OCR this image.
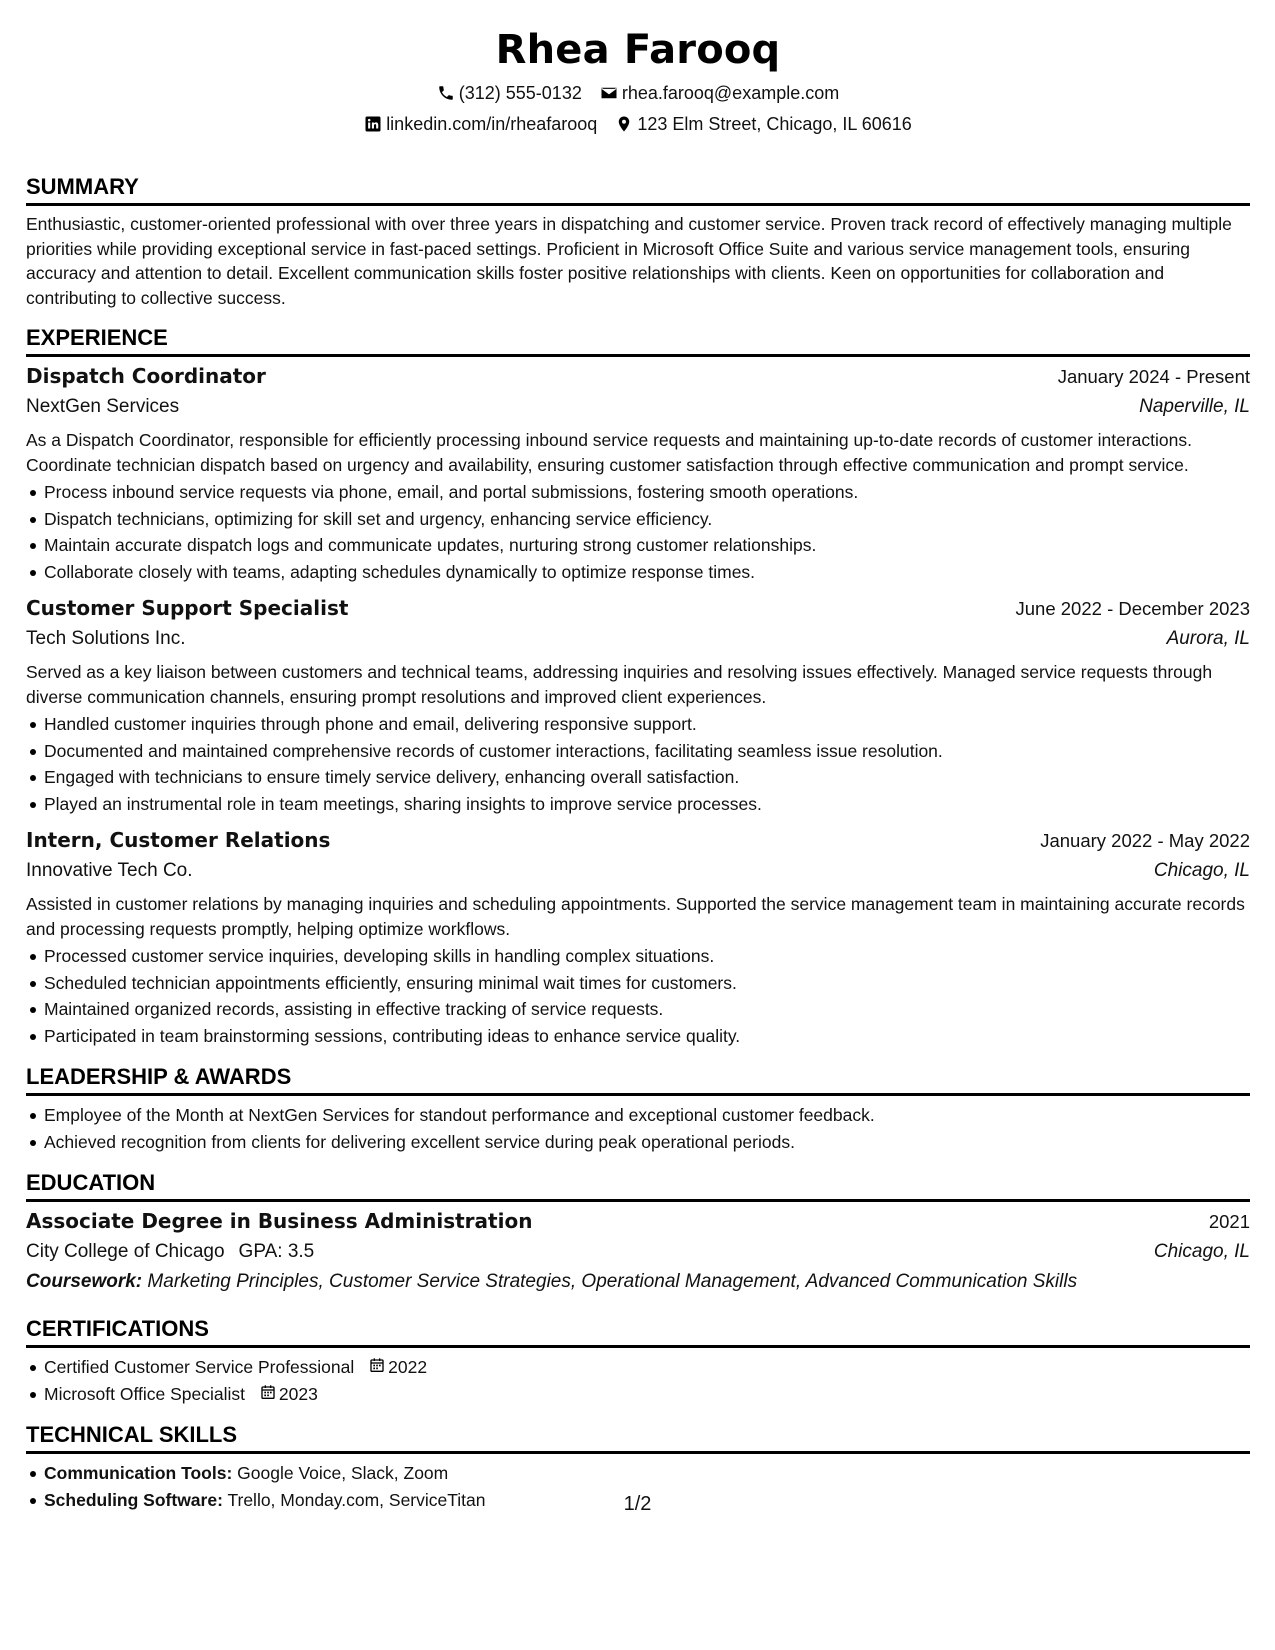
Rhea Farooq
(312) 555-0132 rhea.farooq@example.com
linkedin.com/in/rheafarooq 123 Elm Street, Chicago, IL 60616
SUMMARY
Enthusiastic, customer-oriented professional with over three years in dispatching and customer service. Proven track record of effectively managing multiple priorities while providing exceptional service in fast-paced settings. Proficient in Microsoft Office Suite and various service management tools, ensuring accuracy and attention to detail. Excellent communication skills foster positive relationships with clients. Keen on opportunities for collaboration and contributing to collective success.
EXPERIENCE
Dispatch Coordinator	January 2024 - Present
NextGen Services	Naperville, IL
As a Dispatch Coordinator, responsible for efficiently processing inbound service requests and maintaining up-to-date records of customer interactions. Coordinate technician dispatch based on urgency and availability, ensuring customer satisfaction through effective communication and prompt service.
Process inbound service requests via phone, email, and portal submissions, fostering smooth operations.
Dispatch technicians, optimizing for skill set and urgency, enhancing service efficiency.
Maintain accurate dispatch logs and communicate updates, nurturing strong customer relationships.
Collaborate closely with teams, adapting schedules dynamically to optimize response times.
Customer Support Specialist	June 2022 - December 2023
Tech Solutions Inc.	Aurora, IL
Served as a key liaison between customers and technical teams, addressing inquiries and resolving issues effectively. Managed service requests through diverse communication channels, ensuring prompt resolutions and improved client experiences.
Handled customer inquiries through phone and email, delivering responsive support.
Documented and maintained comprehensive records of customer interactions, facilitating seamless issue resolution.
Engaged with technicians to ensure timely service delivery, enhancing overall satisfaction.
Played an instrumental role in team meetings, sharing insights to improve service processes.
Intern, Customer Relations	January 2022 - May 2022
Innovative Tech Co.	Chicago, IL
Assisted in customer relations by managing inquiries and scheduling appointments. Supported the service management team in maintaining accurate records and processing requests promptly, helping optimize workflows.
Processed customer service inquiries, developing skills in handling complex situations.
Scheduled technician appointments efficiently, ensuring minimal wait times for customers.
Maintained organized records, assisting in effective tracking of service requests.
Participated in team brainstorming sessions, contributing ideas to enhance service quality.
LEADERSHIP & AWARDS
Employee of the Month at NextGen Services for standout performance and exceptional customer feedback.
Achieved recognition from clients for delivering excellent service during peak operational periods.
EDUCATION
Associate Degree in Business Administration	2021
City College of Chicago GPA: 3.5	Chicago, IL
Coursework: Marketing Principles, Customer Service Strategies, Operational Management, Advanced Communication Skills
CERTIFICATIONS
Certified Customer Service Professional 2022
Microsoft Office Specialist 2023
TECHNICAL SKILLS
Communication Tools: Google Voice, Slack, Zoom
Scheduling Software: Trello, Monday.com, ServiceTitan	1/2
